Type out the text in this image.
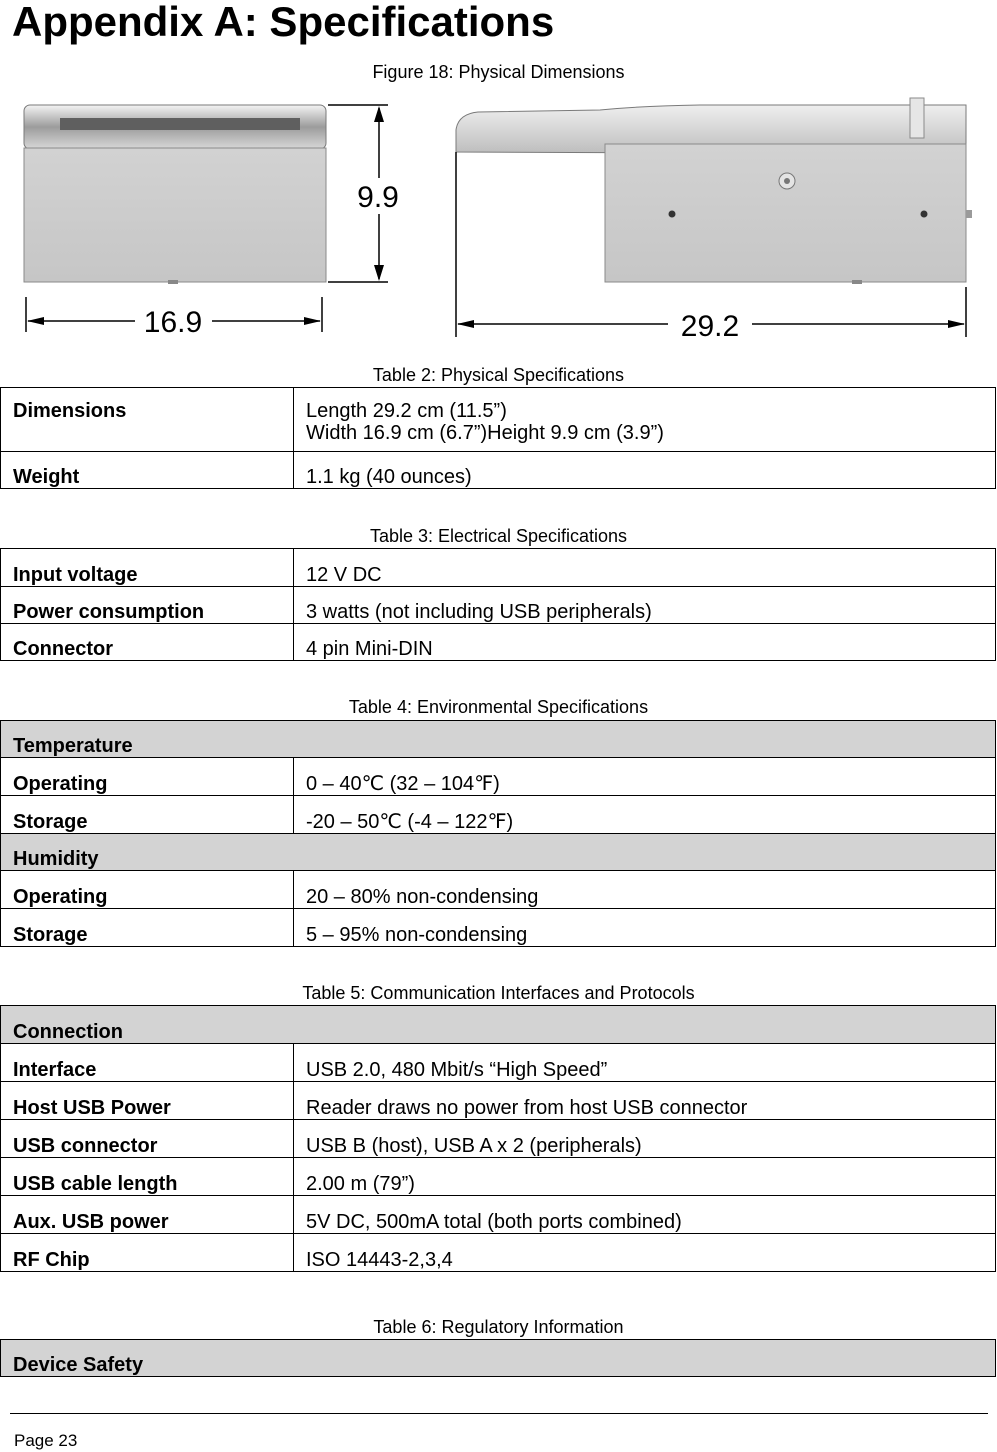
Appendix A: Specifications
Figure 18: Physical Dimensions
9.9
16.9	29.2
Table 2: Physical Specifications
Dimensions	Length 29.2 cm (11.5”)
Width 16.9 cm (6.7”)Height 9.9 cm (3.9”)

Weight	1.1 kg (40 ounces)
Table 3: Electrical Specifications
Input voltage	12 V DC
Power consumption	3 watts (not including USB peripherals)
Connector	4 pin Mini-DIN
Table 4: Environmental Specifications
Temperature	
Operating	0 – 40℃ (32 – 104℉)
Storage	-20 – 50℃ (-4 – 122℉)
Humidity	
Operating	20 – 80% non-condensing
Storage	5 – 95% non-condensing
Table 5: Communication Interfaces and Protocols
Connection	
Interface	USB 2.0, 480 Mbit/s “High Speed”
Host USB Power	Reader draws no power from host USB connector
USB connector	USB B (host), USB A x 2 (peripherals)
USB cable length	2.00 m (79”)
Aux. USB power	5V DC, 500mA total (both ports combined)
RF Chip	ISO 14443-2,3,4
Table 6: Regulatory Information
Device Safety
Page 23
